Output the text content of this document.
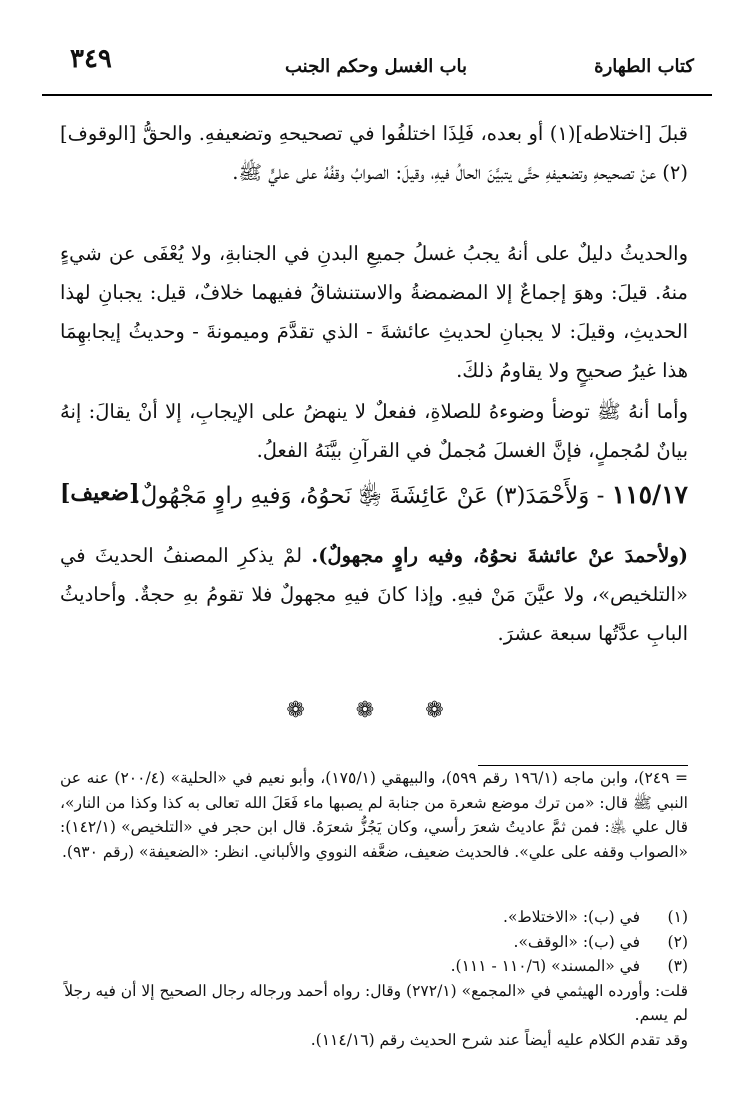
كتاب الطهارة
باب الغسل وحكم الجنب
٣٤٩
قبلَ [اختلاطه](١) أو بعده، فَلِذَا اختلفُوا في تصحيحهِ وتضعيفهِ. والحقُّ [الوقوف](٢) عنْ تصحيحهِ وتضعيفهِ حتَّى يتبيَّنَ الحالُ فيهِ، وقيلَ: الصوابُ وقفُهُ على عليٍّ ﷺ.
والحديثُ دليلٌ على أنهُ يجبُ غسلُ جميعِ البدنِ في الجنابةِ، ولا يُعْفَى عن شيءٍ منهُ. قيلَ: وهوَ إجماعٌ إلا المضمضةُ والاستنشاقُ ففيهما خلافٌ، قيل: يجبانِ لهذا الحديثِ، وقيلَ: لا يجبانِ لحديثِ عائشةَ - الذي تقدَّمَ وميمونةَ - وحديثُ إيجابهِمَا هذا غيرُ صحيحٍ ولا يقاومُ ذلكَ.
وأما أنهُ ﷺ توضأ وضوءهُ للصلاةِ، ففعلٌ لا ينهضُ على الإيجابِ، إلا أنْ يقالَ: إنهُ بيانٌ لمُجملٍ، فإنَّ الغسلَ مُجملٌ في القرآنِ بيَّنَهُ الفعلُ.
١١٥/١٧ - وَلأَحْمَدَ(٣) عَنْ عَائِشَةَ ﵂ نَحوُهُ، وَفيهِ راوٍ مَجْهُولٌ.
[ضعيف]
(ولأحمدَ عنْ عائشةَ نحوُهُ، وفيه راوٍ مجهولٌ). لمْ يذكرِ المصنفُ الحديثَ في «التلخيص»، ولا عيَّنَ مَنْ فيهِ. وإذا كانَ فيهِ مجهولٌ فلا تقومُ بهِ حجةٌ. وأحاديثُ البابِ عدَّتُها سبعة عشرَ.
❁ ❁ ❁
= ٢٤٩)، وابن ماجه (١٩٦/١ رقم ٥٩٩)، والبيهقي (١٧٥/١)، وأبو نعيم في «الحلية» (٢٠٠/٤) عنه عن النبي ﷺ قال: «من ترك موضع شعرة من جنابة لم يصبها ماء فَعَلَ الله تعالى به كذا وكذا من النار»، قال علي ﵁: فمن ثمَّ عاديتُ شعرَ رأسي، وكان يَجُزُّ شعرَهُ. قال ابن حجر في «التلخيص» (١٤٢/١): «الصواب وقفه على علي». فالحديث ضعيف، ضعَّفه النووي والألباني. انظر: «الضعيفة» (رقم ٩٣٠).
(١)
في (ب): «الاختلاط».
(٢)
في (ب): «الوقف».
(٣)
في «المسند» (١١٠/٦ - ١١١).
قلت: وأورده الهيثمي في «المجمع» (٢٧٢/١) وقال: رواه أحمد ورجاله رجال الصحيح إلا أن فيه رجلاً لم يسم.
وقد تقدم الكلام عليه أيضاً عند شرح الحديث رقم (١١٤/١٦).
